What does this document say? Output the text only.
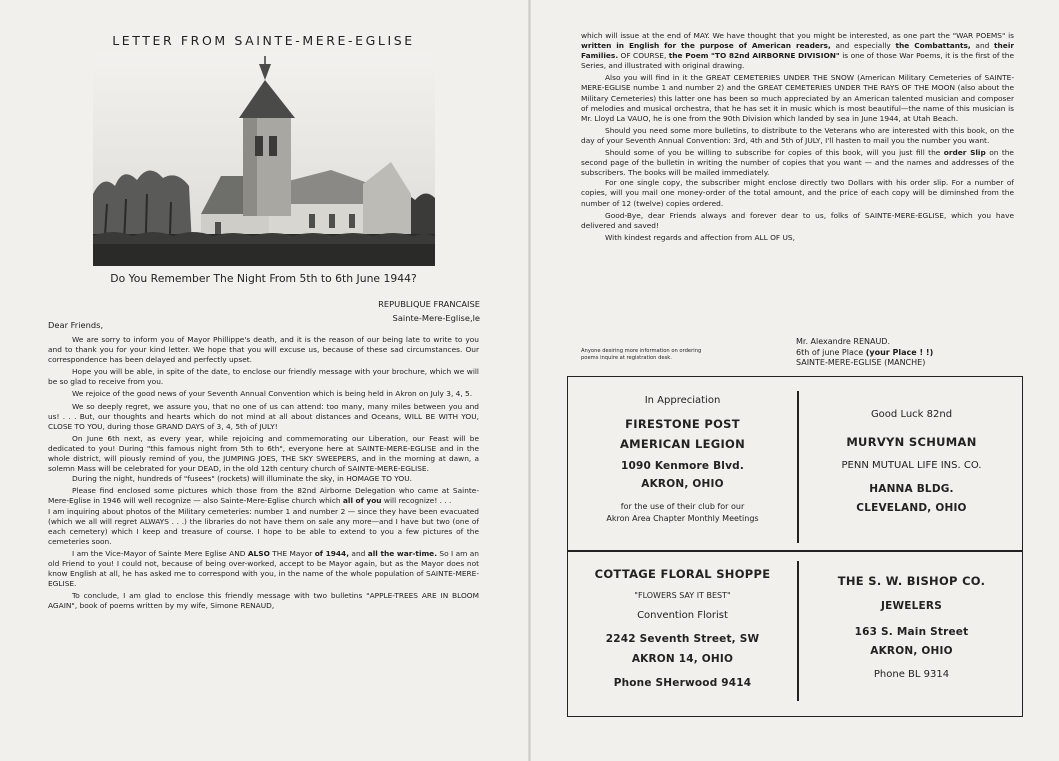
LETTER FROM SAINTE-MERE-EGLISE
Do You Remember The Night From 5th to 6th June 1944?
REPUBLIQUE FRANCAISE
Sainte-Mere-Eglise,le
Dear Friends,

We are sorry to inform you of Mayor Phillippe's death, and it is the reason of our being late to write to you and to thank you for your kind letter. We hope that you will excuse us, because of these sad circumstances. Our correspondence has been delayed and perfectly upset.

Hope you will be able, in spite of the date, to enclose our friendly message with your brochure, which we will be so glad to receive from you.

We rejoice of the good news of your Seventh Annual Convention which is being held in Akron on July 3, 4, 5.

We so deeply regret, we assure you, that no one of us can attend: too many, many miles between you and us! . . . But, our thoughts and hearts which do not mind at all about distances and Oceans, WILL BE WITH YOU, CLOSE TO YOU, during those GRAND DAYS of 3, 4, 5th of JULY!

On June 6th next, as every year, while rejoicing and commemorating our Liberation, our Feast will be dedicated to you! During "this famous night from 5th to 6th", everyone here at SAINTE-MERE-EGLISE and in the whole district, will piously remind of you, the JUMPING JOES, THE SKY SWEEPERS, and in the morning at dawn, a solemn Mass will be celebrated for your DEAD, in the old 12th century church of SAINTE-MERE-EGLISE.

During the night, hundreds of "fusees" (rockets) will illuminate the sky, in HOMAGE TO YOU.

Please find enclosed some pictures which those from the 82nd Airborne Delegation who came at Sainte-Mere-Eglise in 1946 will well recognize — also Sainte-Mere-Eglise church which all of you will recognize! . . .

I am inquiring about photos of the Military cemeteries: number 1 and number 2 — since they have been evacuated (which we all will regret ALWAYS . . .) the libraries do not have them on sale any more—and I have but two (one of each cemetery) which I keep and treasure of course. I hope to be able to extend to you a few pictures of the cemeteries soon.

I am the Vice-Mayor of Sainte Mere Eglise AND ALSO THE Mayor of 1944, and all the war-time. So I am an old Friend to you! I could not, because of being over-worked, accept to be Mayor again, but as the Mayor does not know English at all, he has asked me to correspond with you, in the name of the whole population of SAINTE-MERE-EGLISE.

To conclude, I am glad to enclose this friendly message with two bulletins "APPLE-TREES ARE IN BLOOM AGAIN", book of poems written by my wife, Simone RENAUD,

which will issue at the end of MAY. We have thought that you might be interested, as one part the "WAR POEMS" is written in English for the purpose of American readers, and especially the Combattants, and their Families. OF COURSE, the Poem "TO 82nd AIRBORNE DIVISION" is one of those War Poems, it is the first of the Series, and illustrated with original drawing.

Also you will find in it the GREAT CEMETERIES UNDER THE SNOW (American Military Cemeteries of SAINTE-MERE-EGLISE numbe 1 and number 2) and the GREAT CEMETERIES UNDER THE RAYS OF THE MOON (also about the Military Cemeteries) this latter one has been so much appreciated by an American talented musician and composer of melodies and musical orchestra, that he has set it in music which is most beautiful—the name of this musician is Mr. Lloyd La VAUO, he is one from the 90th Division which landed by sea in June 1944, at Utah Beach.

Should you need some more bulletins, to distribute to the Veterans who are interested with this book, on the day of your Seventh Annual Convention: 3rd, 4th and 5th of JULY, I'll hasten to mail you the number you want.

Should some of you be willing to subscribe for copies of this book, will you just fill the order Slip on the second page of the bulletin in writing the number of copies that you want — and the names and addresses of the subscribers. The books will be mailed immediately.

For one single copy, the subscriber might enclose directly two Dollars with his order slip. For a number of copies, will you mail one money-order of the total amount, and the price of each copy will be diminshed from the number of 12 (twelve) copies ordered.

Good-Bye, dear Friends always and forever dear to us, folks of SAINTE-MERE-EGLISE, which you have delivered and saved!

With kindest regards and affection from ALL OF US,

Anyone desiring more information on ordering
poems inquire at registration desk.
Mr. Alexandre RENAUD.
6th of june Place (your Place ! !)
SAINTE-MERE-EGLISE (MANCHE)
In Appreciation
FIRESTONE POST
AMERICAN LEGION
1090 Kenmore Blvd.
AKRON, OHIO
for the use of their club for our
Akron Area Chapter Monthly Meetings
Good Luck 82nd
MURVYN SCHUMAN
PENN MUTUAL LIFE INS. CO.
HANNA BLDG.
CLEVELAND, OHIO
COTTAGE FLORAL SHOPPE
"FLOWERS SAY IT BEST"
Convention Florist
2242 Seventh Street, SW
AKRON 14, OHIO
Phone SHerwood 9414
THE S. W. BISHOP CO.
JEWELERS
163 S. Main Street
AKRON, OHIO
Phone BL 9314
